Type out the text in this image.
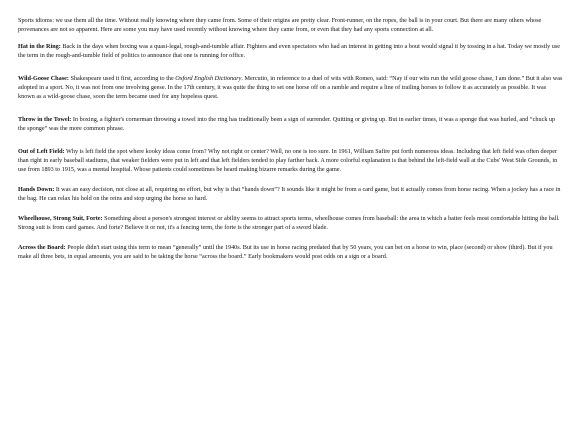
Sports idioms: we use them all the time. Without really knowing where they came from. Some of their origins are pretty clear. Front-runner, on the ropes, the ball is in your court. But there are many others whose provenances are not so apparent. Here are some you may have used recently without knowing where they came from, or even that they had any sports connection at all.

Hat in the Ring: Back in the days when boxing was a quasi-legal, rough-and-tumble affair. Fighters and even spectators who had an interest in getting into a bout would signal it by tossing in a hat. Today we mostly use the term in the rough-and-tumble field of politics to announce that one is running for office.

Wild-Goose Chase: Shakespeare used it first, according to the Oxford English Dictionary. Mercutio, in reference to a duel of wits with Romeo, said: “Nay if our wits run the wild goose chase, I am done.” But it also was adopted in a sport. No, it was not from one involving geese. In the 17th century, it was quite the thing to set one horse off on a ramble and require a line of trailing horses to follow it as accurately as possible. It was known as a wild-goose chase, soon the term became used for any hopeless quest.

Throw in the Towel: In boxing, a fighter's cornerman throwing a towel into the ring has traditionally been a sign of surrender. Quitting or giving up. But in earlier times, it was a sponge that was hurled, and “chuck up the sponge” was the more common phrase.

Out of Left Field: Why is left field the spot where kooky ideas come from? Why not right or center? Well, no one is too sure. In 1961, William Safire put forth numerous ideas. Including that left field was often deeper than right in early baseball stadiums, that weaker fielders were put in left and that left fielders tended to play farther back. A more colorful explanation is that behind the left-field wall at the Cubs' West Side Grounds, in use from 1893 to 1915, was a mental hospital. Whose patients could sometimes be heard making bizarre remarks during the game.

Hands Down: It was an easy decision, not close at all, requiring no effort, but why is that “hands down”? It sounds like it might be from a card game, but it actually comes from horse racing. When a jockey has a race in the bag. He can relax his hold on the reins and stop urging the horse so hard.

Wheelhouse, Strong Suit, Forte: Something about a person's strongest interest or ability seems to attract sports terms, wheelhouse comes from baseball: the area in which a batter feels most comfortable hitting the ball. Strong suit is from card games. And forte? Believe it or not, it's a fencing term, the forte is the stronger part of a sword blade.

Across the Board: People didn't start using this term to mean “generally” until the 1940s. But its use in horse racing predated that by 50 years, you can bet on a horse to win, place (second) or show (third). But if you make all three bets, in equal amounts, you are said to be taking the horse “across the board.” Early bookmakers would post odds on a sign or a board.
